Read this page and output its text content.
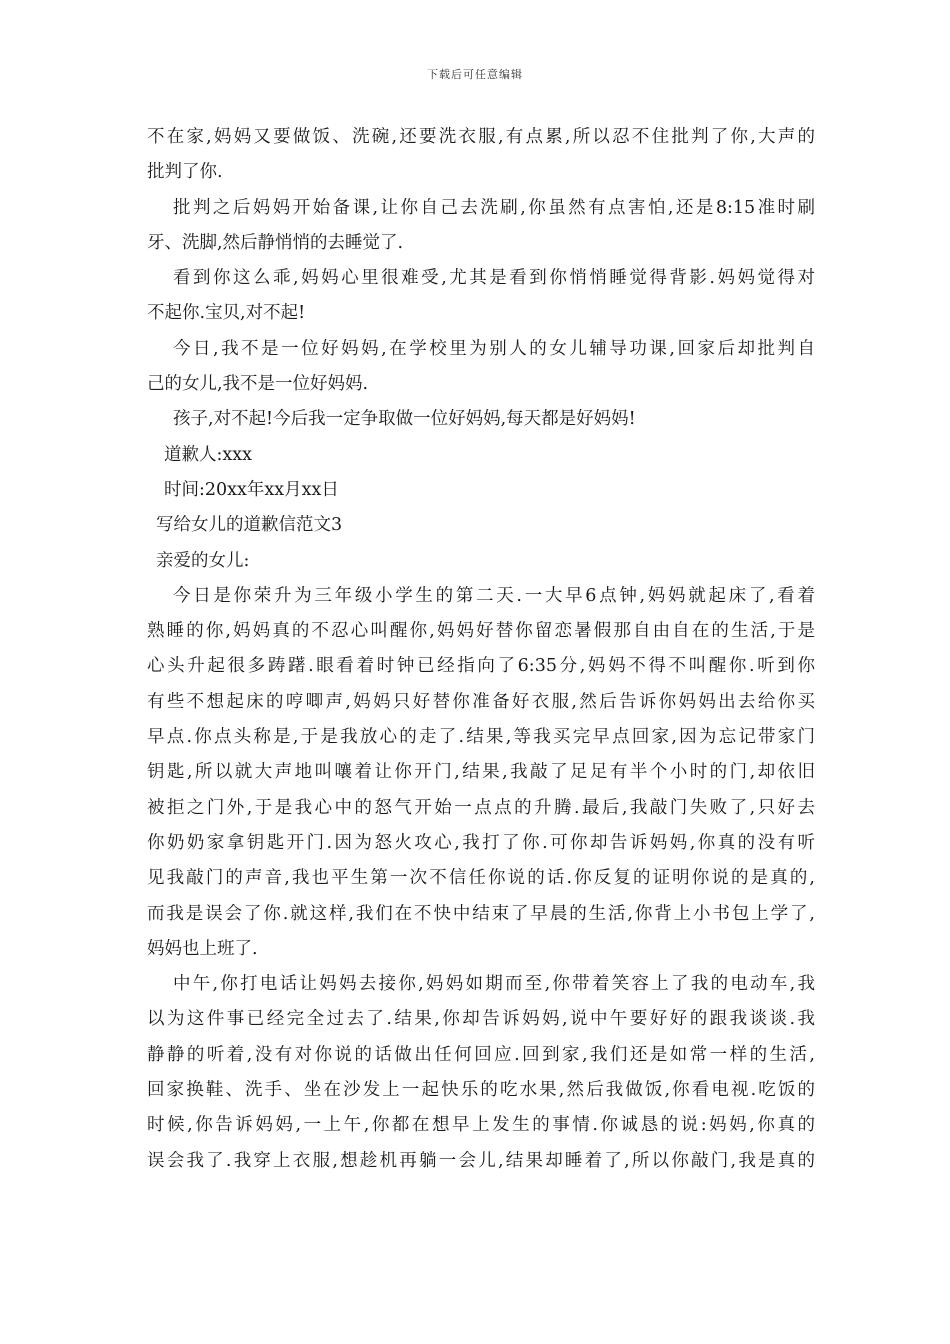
下载后可任意编辑
不在家,妈妈又要做饭、洗碗,还要洗衣服,有点累,所以忍不住批判了你,大声的
批判了你.
批判之后妈妈开始备课,让你自己去洗刷,你虽然有点害怕,还是8:15准时刷
牙、洗脚,然后静悄悄的去睡觉了.
看到你这么乖,妈妈心里很难受,尤其是看到你悄悄睡觉得背影.妈妈觉得对
不起你.宝贝,对不起!
今日,我不是一位好妈妈,在学校里为别人的女儿辅导功课,回家后却批判自
己的女儿,我不是一位好妈妈.
孩子,对不起!今后我一定争取做一位好妈妈,每天都是好妈妈!
道歉人:xxx
时间:20xx年xx月xx日
写给女儿的道歉信范文3
亲爱的女儿:
今日是你荣升为三年级小学生的第二天.一大早6点钟,妈妈就起床了,看着
熟睡的你,妈妈真的不忍心叫醒你,妈妈好替你留恋暑假那自由自在的生活,于是
心头升起很多踌躇.眼看着时钟已经指向了6:35分,妈妈不得不叫醒你.听到你
有些不想起床的哼唧声,妈妈只好替你准备好衣服,然后告诉你妈妈出去给你买
早点.你点头称是,于是我放心的走了.结果,等我买完早点回家,因为忘记带家门
钥匙,所以就大声地叫嚷着让你开门,结果,我敲了足足有半个小时的门,却依旧
被拒之门外,于是我心中的怒气开始一点点的升腾.最后,我敲门失败了,只好去
你奶奶家拿钥匙开门.因为怒火攻心,我打了你.可你却告诉妈妈,你真的没有听
见我敲门的声音,我也平生第一次不信任你说的话.你反复的证明你说的是真的,
而我是误会了你.就这样,我们在不快中结束了早晨的生活,你背上小书包上学了,
妈妈也上班了.
中午,你打电话让妈妈去接你,妈妈如期而至,你带着笑容上了我的电动车,我
以为这件事已经完全过去了.结果,你却告诉妈妈,说中午要好好的跟我谈谈.我
静静的听着,没有对你说的话做出任何回应.回到家,我们还是如常一样的生活,
回家换鞋、洗手、坐在沙发上一起快乐的吃水果,然后我做饭,你看电视.吃饭的
时候,你告诉妈妈,一上午,你都在想早上发生的事情.你诚恳的说:妈妈,你真的
误会我了.我穿上衣服,想趁机再躺一会儿,结果却睡着了,所以你敲门,我是真的
